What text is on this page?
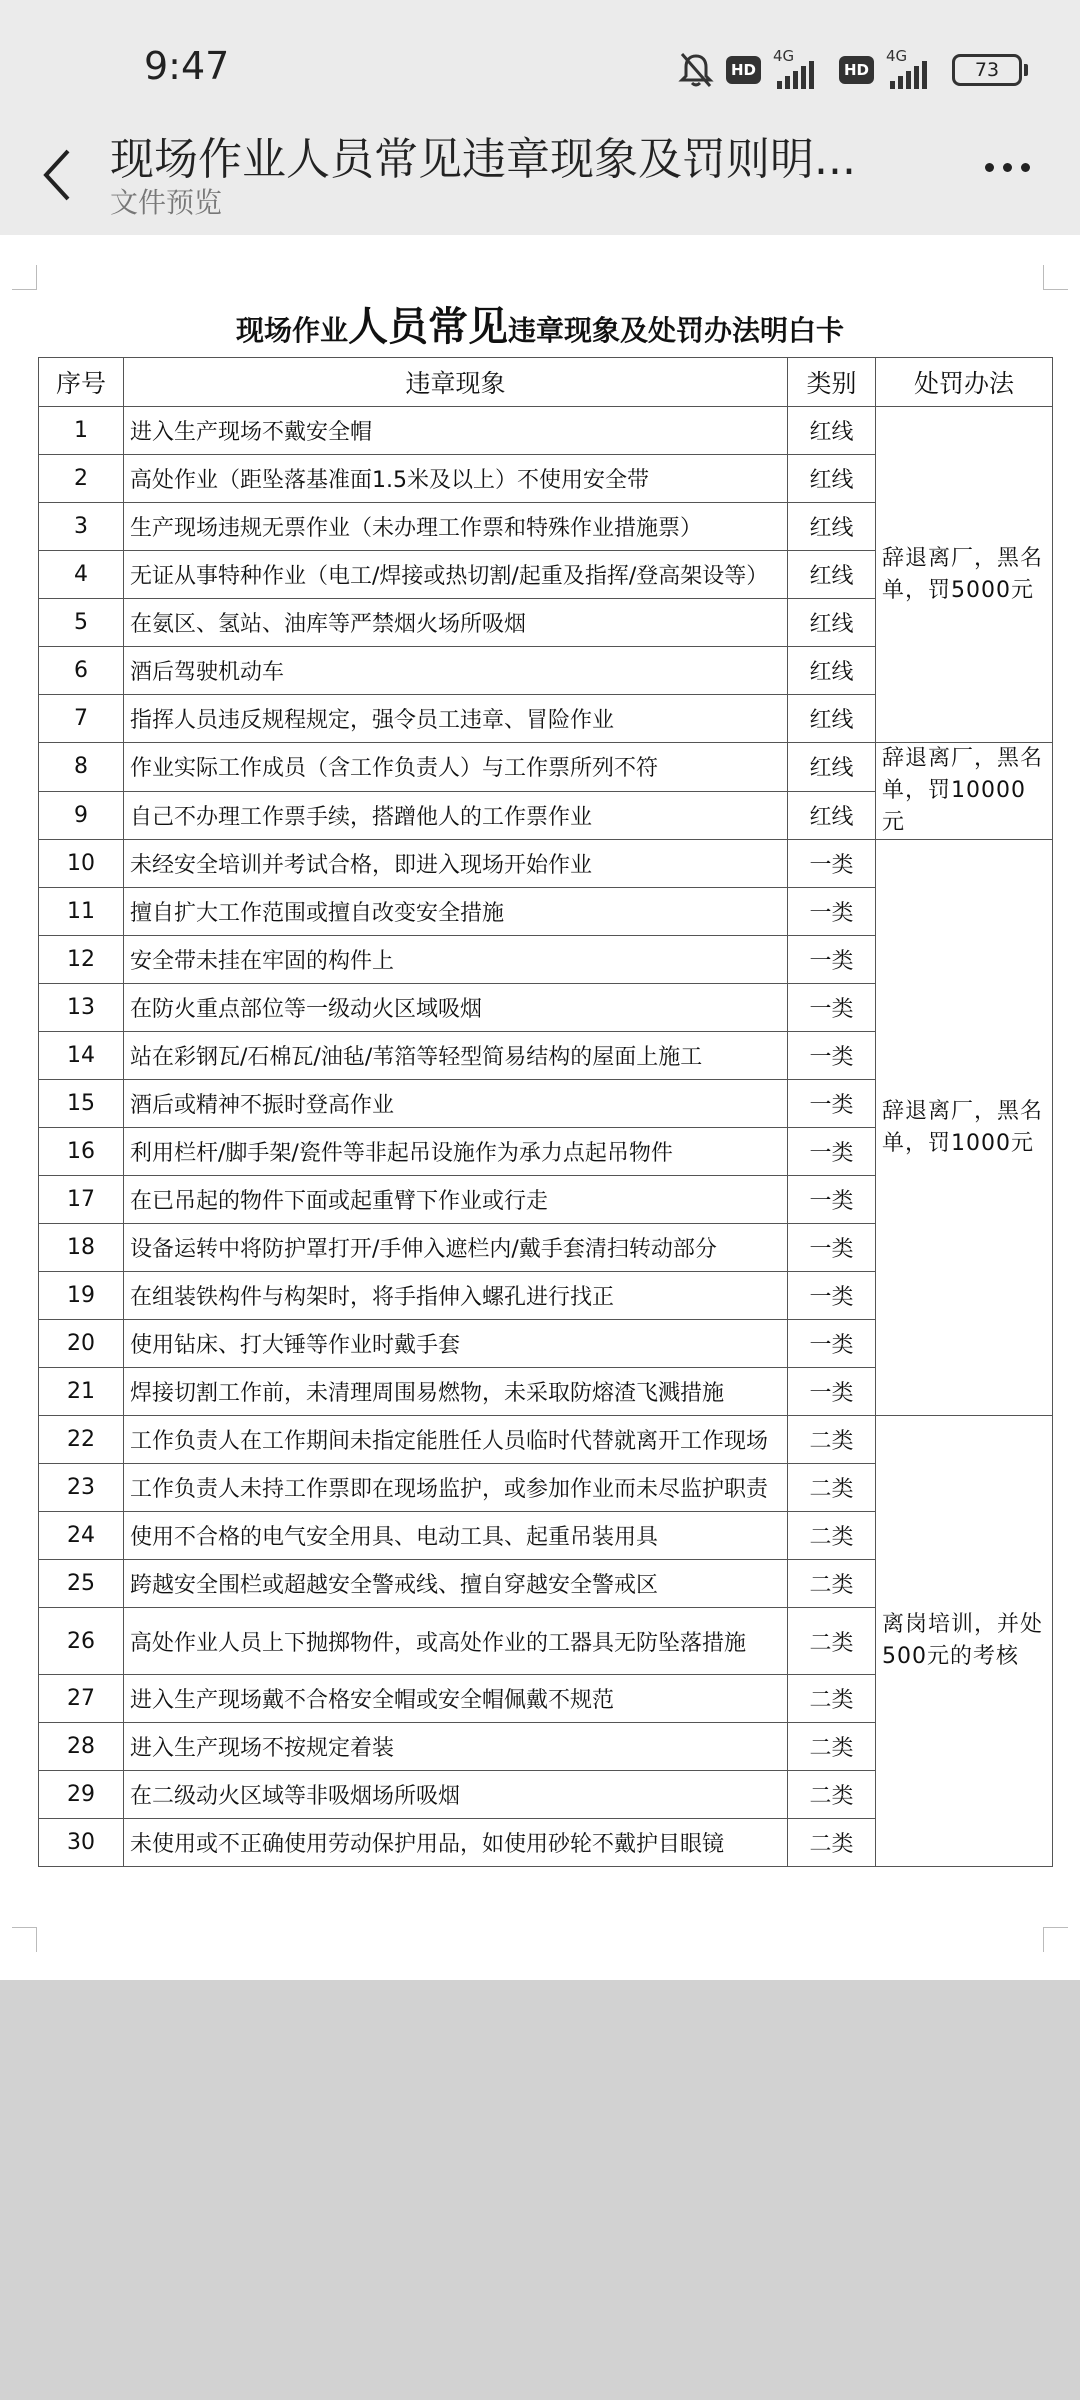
9:47	HD
4G
HD
4G
73
现场作业人员常见违章现象及罚则明...
文件预览
现场作业人员常见违章现象及处罚办法明白卡
序号	违章现象	类别	处罚办法
1	进入生产现场不戴安全帽	红线	辞退离厂，黑名单，罚5000元
2	高处作业（距坠落基准面1.5米及以上）不使用安全带	红线	
3	生产现场违规无票作业（未办理工作票和特殊作业措施票）	红线	
4	无证从事特种作业（电工/焊接或热切割/起重及指挥/登高架设等）	红线	
5	在氨区、氢站、油库等严禁烟火场所吸烟	红线	
6	酒后驾驶机动车	红线	
7	指挥人员违反规程规定，强令员工违章、冒险作业	红线	
8	作业实际工作成员（含工作负责人）与工作票所列不符	红线	辞退离厂，黑名单，罚10000元
9	自己不办理工作票手续，搭蹭他人的工作票作业	红线	
10	未经安全培训并考试合格，即进入现场开始作业	一类	辞退离厂，黑名单，罚1000元
11	擅自扩大工作范围或擅自改变安全措施	一类	
12	安全带未挂在牢固的构件上	一类	
13	在防火重点部位等一级动火区域吸烟	一类	
14	站在彩钢瓦/石棉瓦/油毡/苇箔等轻型简易结构的屋面上施工	一类	
15	酒后或精神不振时登高作业	一类	
16	利用栏杆/脚手架/瓷件等非起吊设施作为承力点起吊物件	一类	
17	在已吊起的物件下面或起重臂下作业或行走	一类	
18	设备运转中将防护罩打开/手伸入遮栏内/戴手套清扫转动部分	一类	
19	在组装铁构件与构架时，将手指伸入螺孔进行找正	一类	
20	使用钻床、打大锤等作业时戴手套	一类	
21	焊接切割工作前，未清理周围易燃物，未采取防熔渣飞溅措施	一类	
22	工作负责人在工作期间未指定能胜任人员临时代替就离开工作现场	二类	离岗培训，并处500元的考核
23	工作负责人未持工作票即在现场监护，或参加作业而未尽监护职责	二类	
24	使用不合格的电气安全用具、电动工具、起重吊装用具	二类	
25	跨越安全围栏或超越安全警戒线、擅自穿越安全警戒区	二类	
26	高处作业人员上下抛掷物件，或高处作业的工器具无防坠落措施	二类	
27	进入生产现场戴不合格安全帽或安全帽佩戴不规范	二类	
28	进入生产现场不按规定着装	二类	
29	在二级动火区域等非吸烟场所吸烟	二类	
30	未使用或不正确使用劳动保护用品，如使用砂轮不戴护目眼镜	二类	
